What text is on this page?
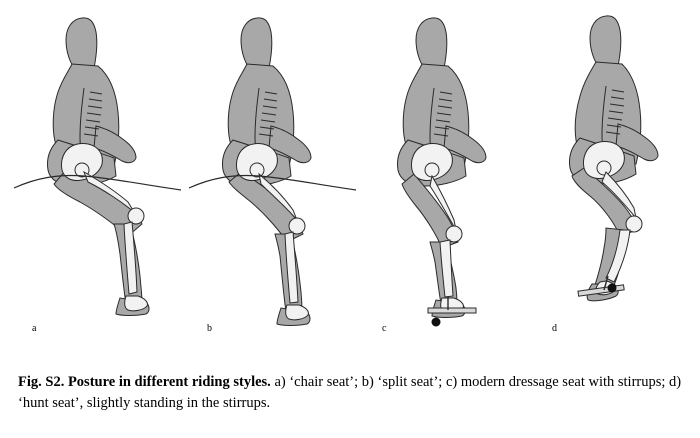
a	b	c	d
Fig. S2. Posture in different riding styles. a) ‘chair seat’; b) ‘split seat’; c) modern dressage seat with stirrups; d) ‘hunt seat’, slightly standing in the stirrups.
